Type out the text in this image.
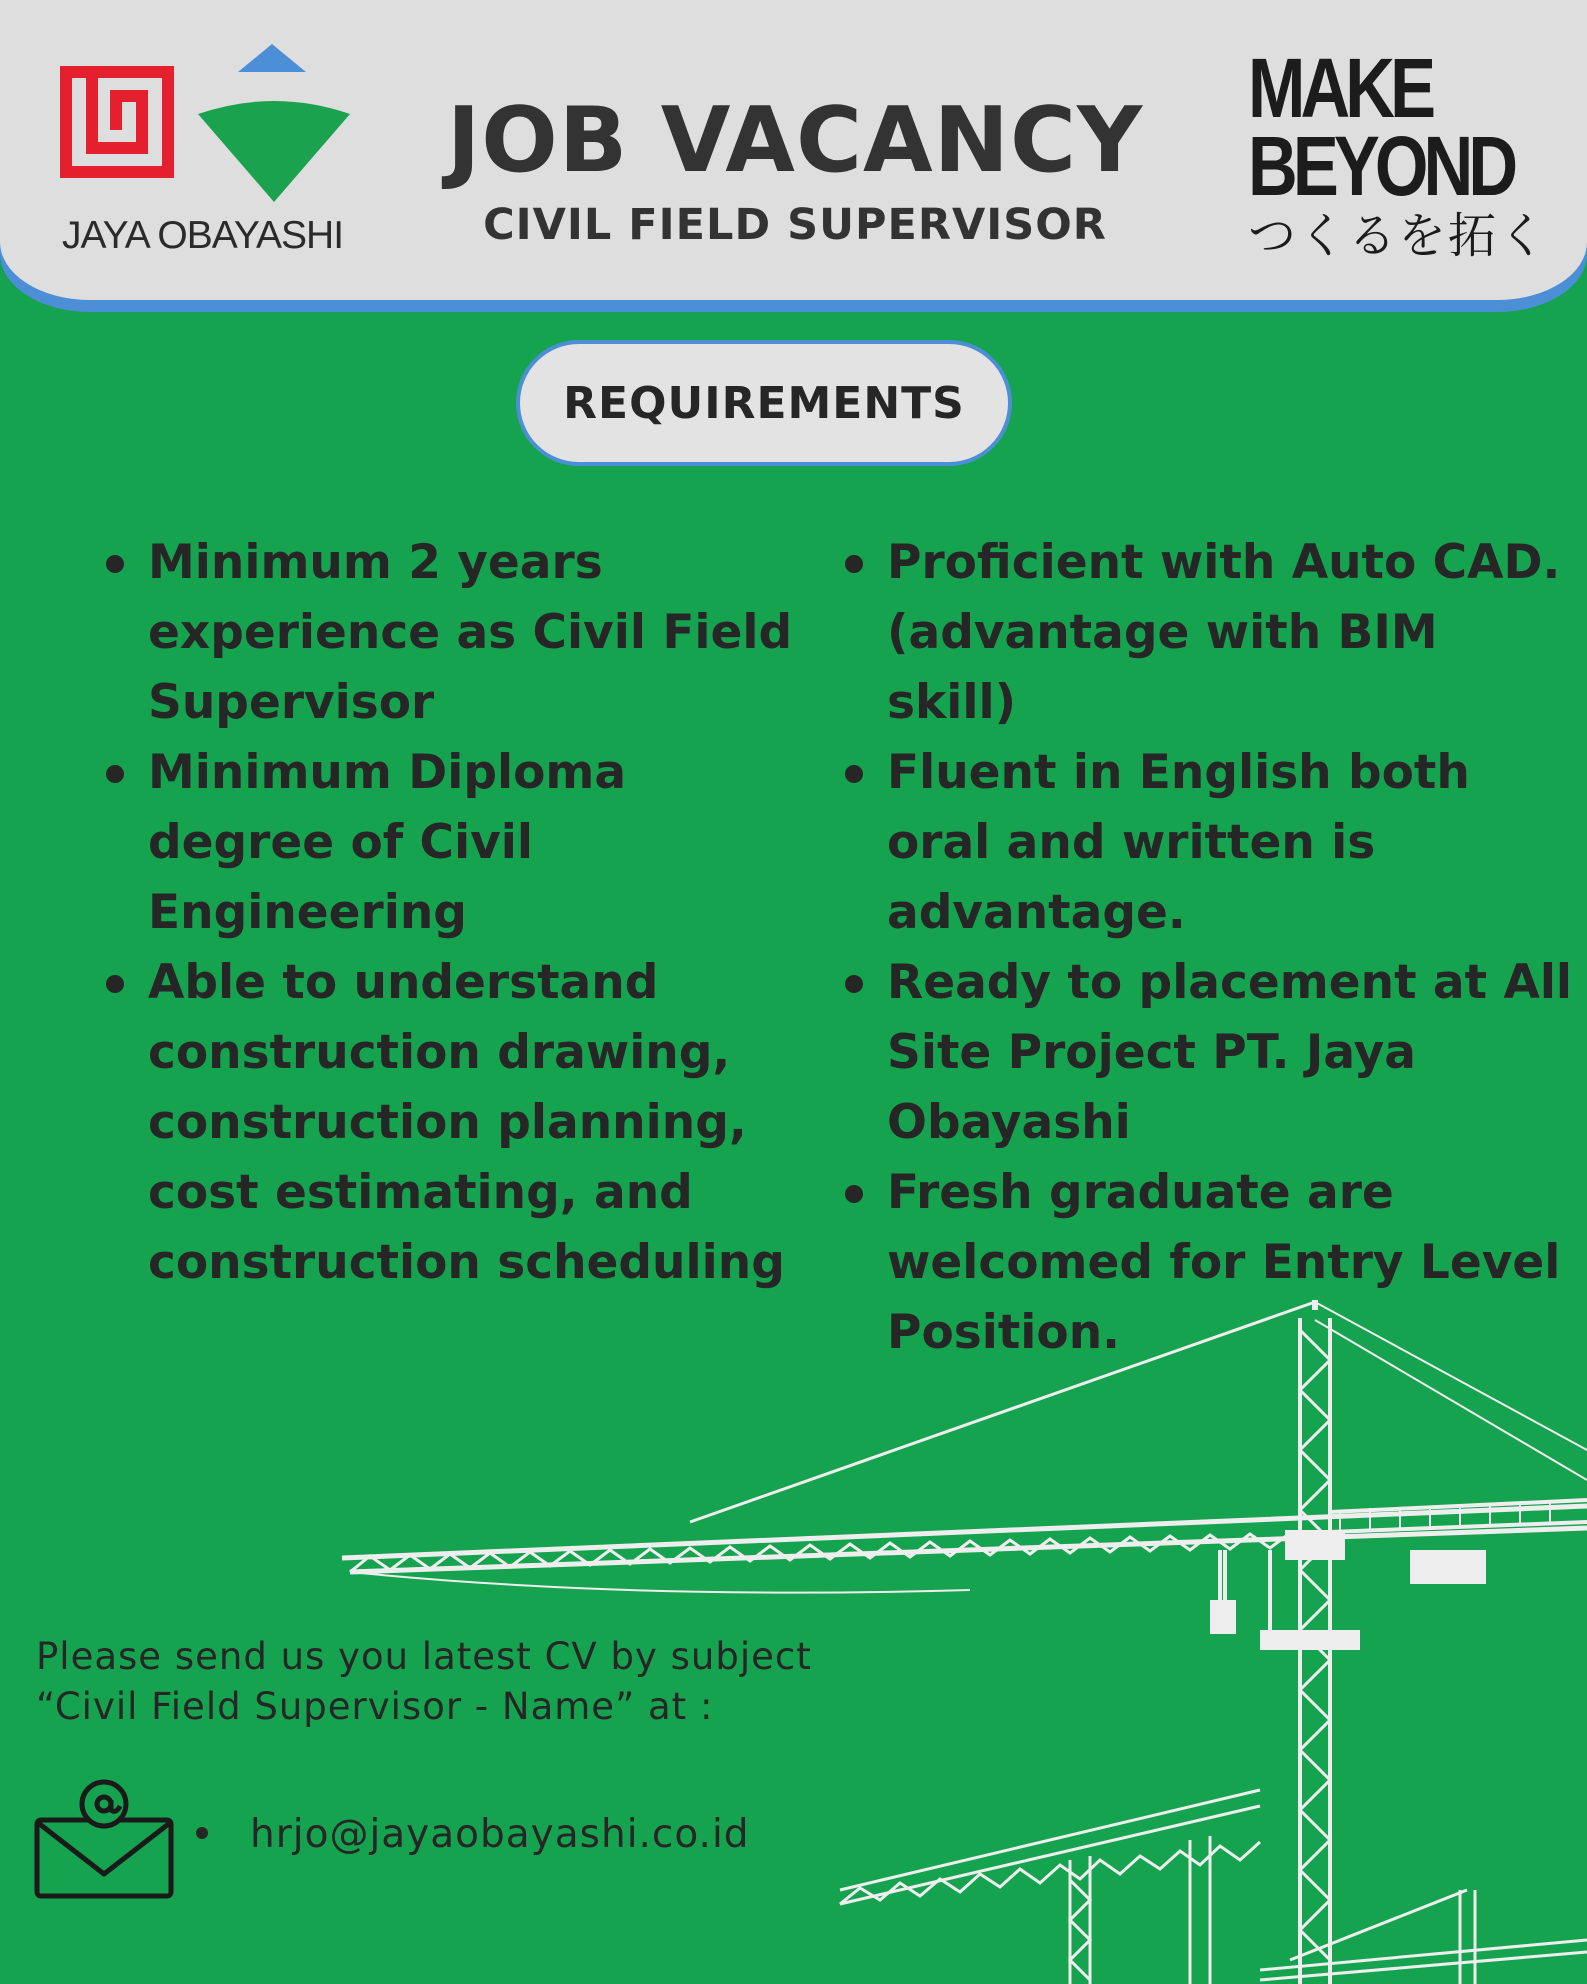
JAYA OBAYASHI
JOB VACANCY
CIVIL FIELD SUPERVISOR
MAKE
BEYOND
つくるを拓く
REQUIREMENTS
Minimum 2 years experience as Civil Field Supervisor
Minimum Diploma degree of Civil Engineering
Able to understand construction drawing, construction planning, cost estimating, and construction scheduling
Proficient with Auto CAD. (advantage with BIM skill)
Fluent in English both oral and written is advantage.
Ready to placement at All Site Project PT. Jaya Obayashi
Fresh graduate are welcomed for Entry Level Position.
Please send us you latest CV by subject
“Civil Field Supervisor - Name” at :
hrjo@jayaobayashi.co.id
